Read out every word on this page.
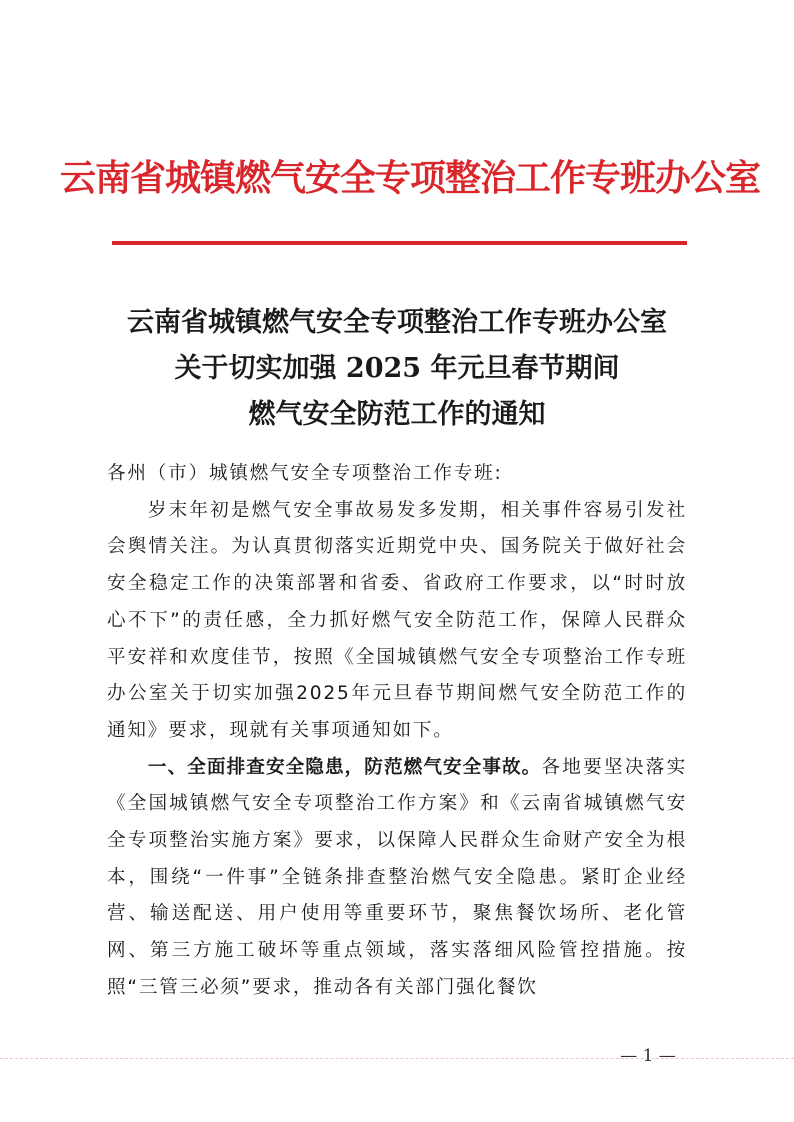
云南省城镇燃气安全专项整治工作专班办公室
云南省城镇燃气安全专项整治工作专班办公室
关于切实加强 2025 年元旦春节期间
燃气安全防范工作的通知

各州（市）城镇燃气安全专项整治工作专班:

岁末年初是燃气安全事故易发多发期，相关事件容易引发社会舆情关注。为认真贯彻落实近期党中央、国务院关于做好社会安全稳定工作的决策部署和省委、省政府工作要求，以“时时放心不下”的责任感，全力抓好燃气安全防范工作，保障人民群众平安祥和欢度佳节，按照《全国城镇燃气安全专项整治工作专班办公室关于切实加强2025年元旦春节期间燃气安全防范工作的通知》要求，现就有关事项通知如下。

一、全面排查安全隐患，防范燃气安全事故。各地要坚决落实《全国城镇燃气安全专项整治工作方案》和《云南省城镇燃气安全专项整治实施方案》要求，以保障人民群众生命财产安全为根本，围绕“一件事”全链条排查整治燃气安全隐患。紧盯企业经营、输送配送、用户使用等重要环节，聚焦餐饮场所、老化管网、第三方施工破坏等重点领域，落实落细风险管控措施。按照“三管三必须”要求，推动各有关部门强化餐饮

— 1 —
